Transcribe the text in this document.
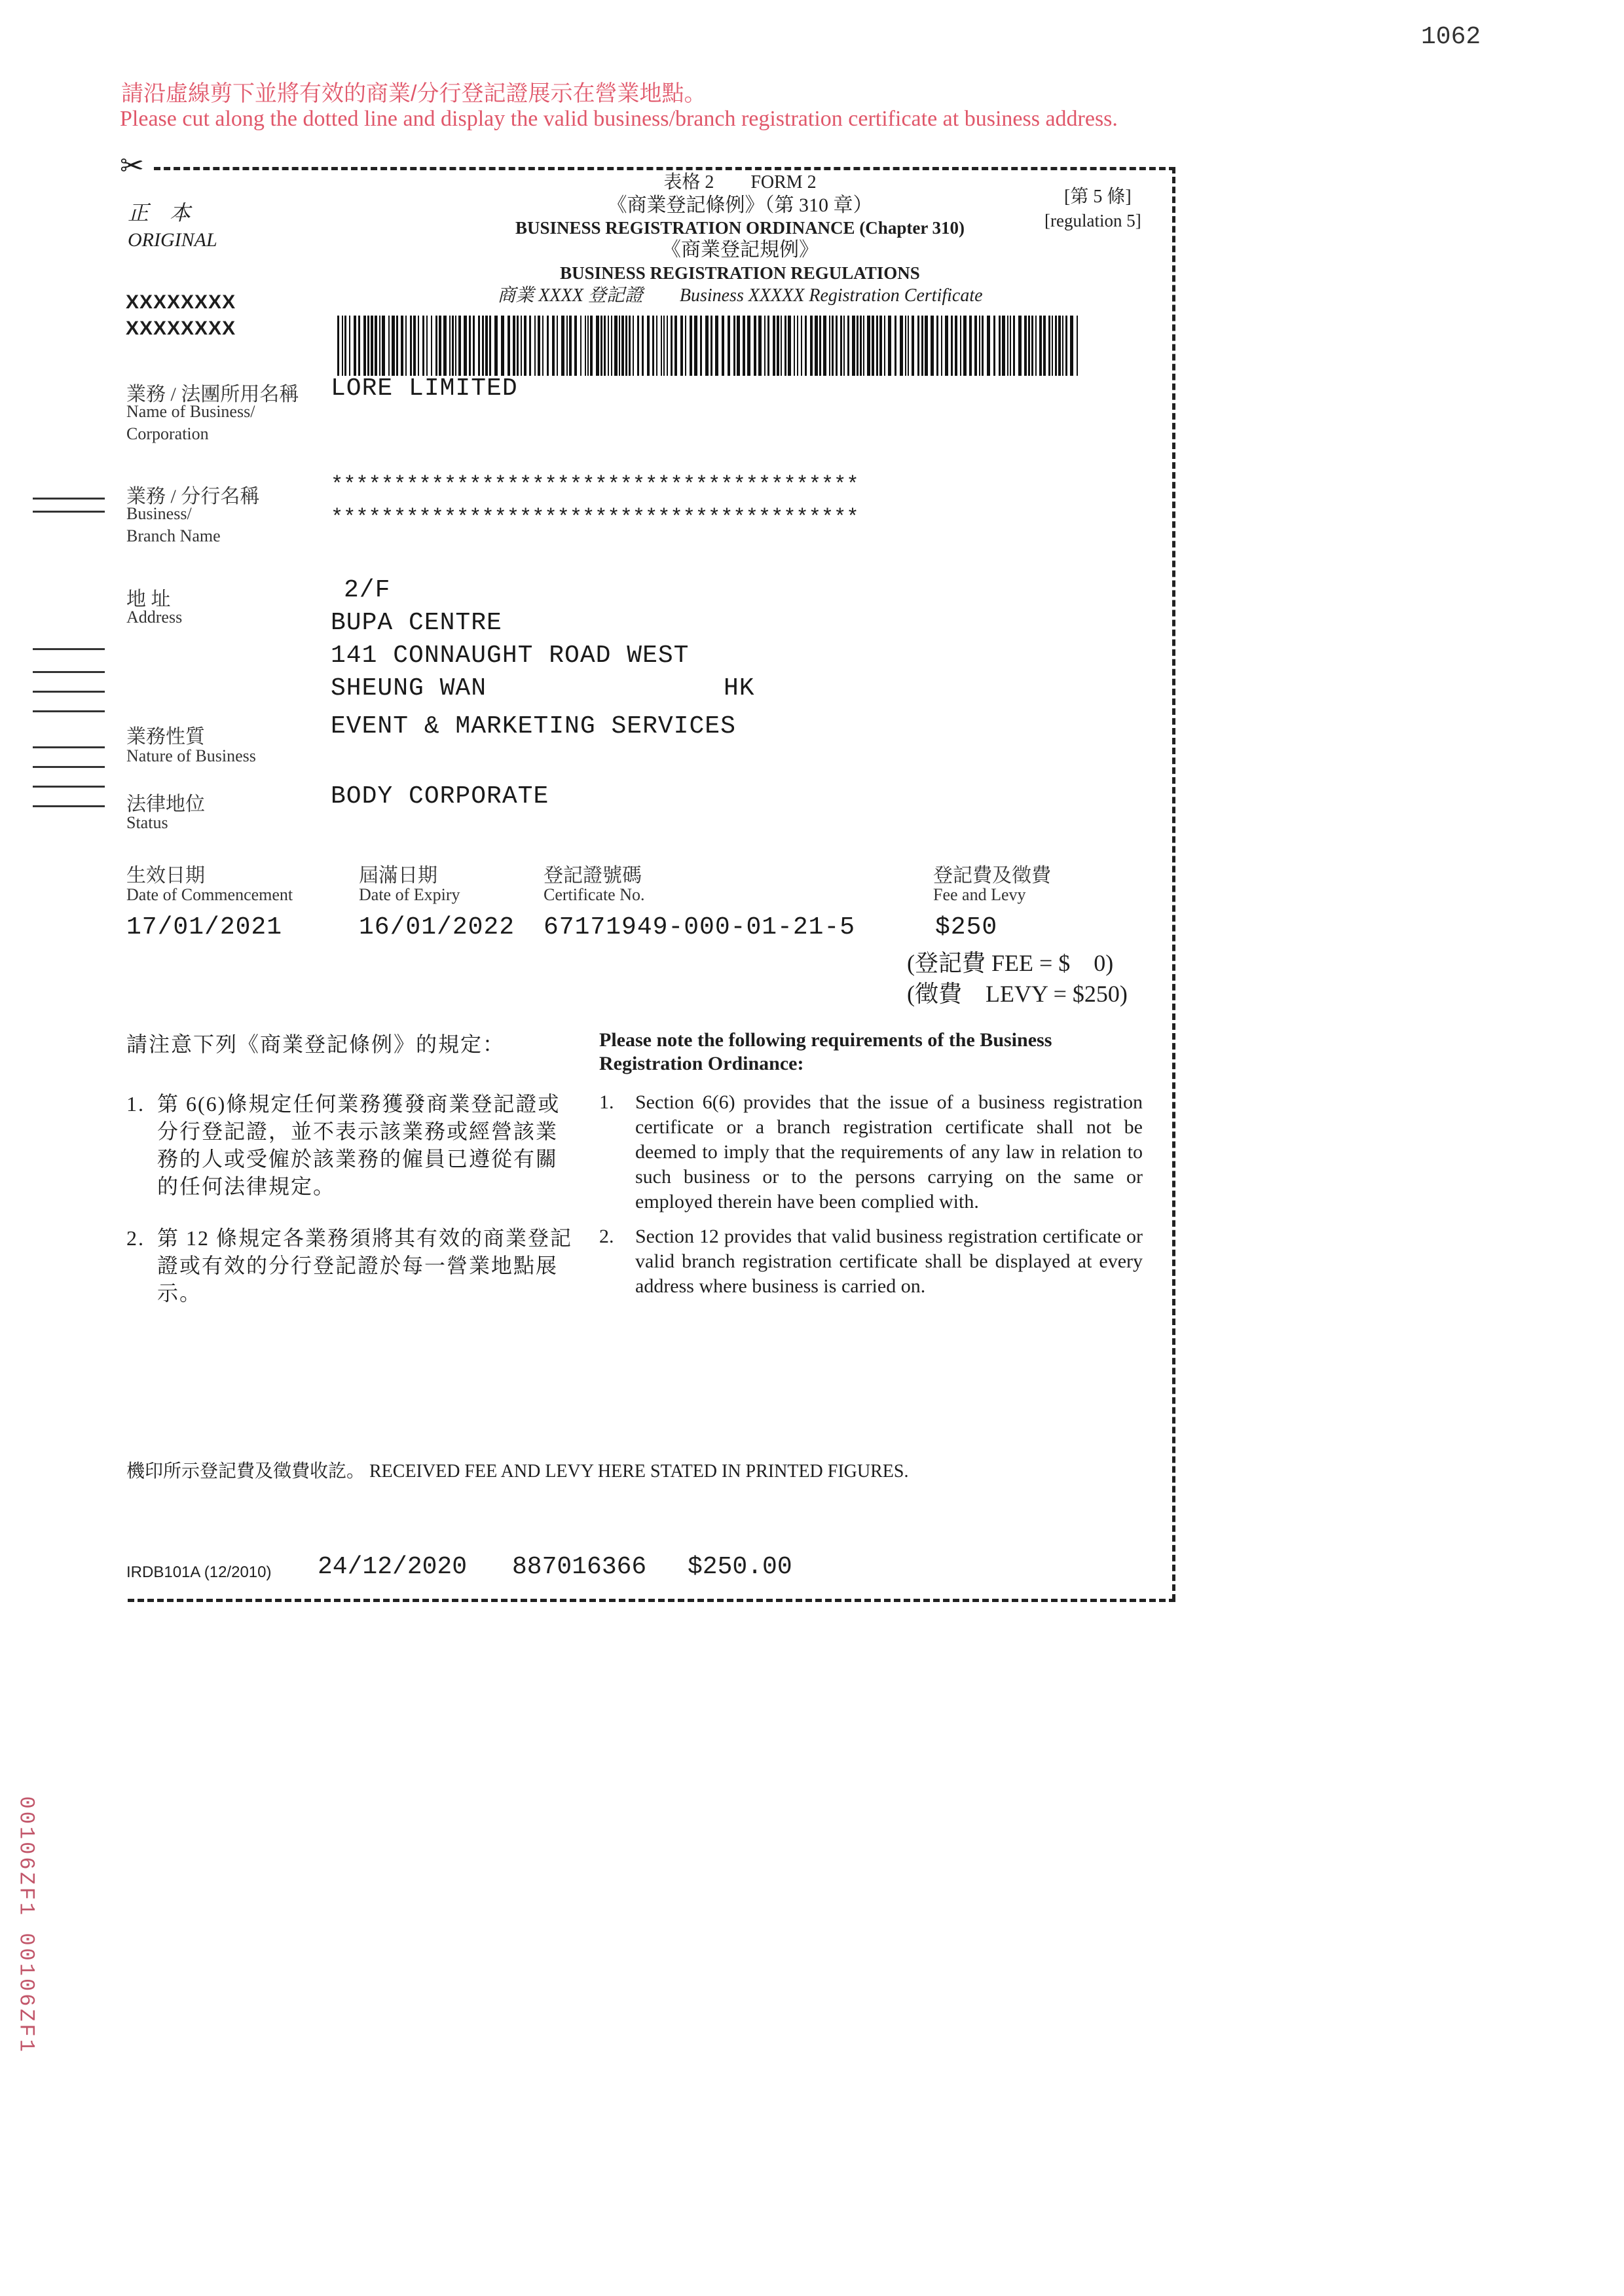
1062
請沿虛線剪下並將有效的商業/分行登記證展示在營業地點。
Please cut along the dotted line and display the valid business/branch registration certificate at business address.
✂
正　本
ORIGINAL
表格 2　　FORM 2
《商業登記條例》（第 310 章）
BUSINESS REGISTRATION ORDINANCE (Chapter 310)
《商業登記規例》
BUSINESS REGISTRATION REGULATIONS
商業 XXXX 登記證　　Business XXXXX Registration Certificate
[第 5 條]
[regulation 5]
XXXXXXXX
XXXXXXXX
業務 / 法團所用名稱
Name of Business/
Corporation
LORE LIMITED
業務 / 分行名稱
Business/
Branch Name
******************************************
******************************************
地 址
Address
2/F
BUPA CENTRE
141 CONNAUGHT ROAD WEST
SHEUNG WAN	HK
業務性質
Nature of Business
EVENT & MARKETING SERVICES
法律地位
Status
BODY CORPORATE
生效日期
Date of Commencement
17/01/2021
屆滿日期
Date of Expiry
16/01/2022
登記證號碼
Certificate No.
67171949-000-01-21-5
登記費及徵費
Fee and Levy
$250
(登記費 FEE = $　0)
(徵費　LEVY = $250)
請注意下列《商業登記條例》的規定：	Please note the following requirements of the Business
Registration Ordinance:
1. 第 6(6)條規定任何業務獲發商業登記證或
分行登記證，並不表示該業務或經營該業
務的人或受僱於該業務的僱員已遵從有關
的任何法律規定。
2. 第 12 條規定各業務須將其有效的商業登記
證或有效的分行登記證於每一營業地點展
示。
1. Section 6(6) provides that the issue of a business registration certificate or a branch registration certificate shall not be deemed to imply that the requirements of any law in relation to such business or to the persons carrying on the same or employed therein have been complied with.
2. Section 12 provides that valid business registration certificate or valid branch registration certificate shall be displayed at every address where business is carried on.
機印所示登記費及徵費收訖。 RECEIVED FEE AND LEVY HERE STATED IN PRINTED FIGURES.
IRDB101A (12/2010) 24/12/2020 887016366 $250.00
00106ZF1 00106ZF1
